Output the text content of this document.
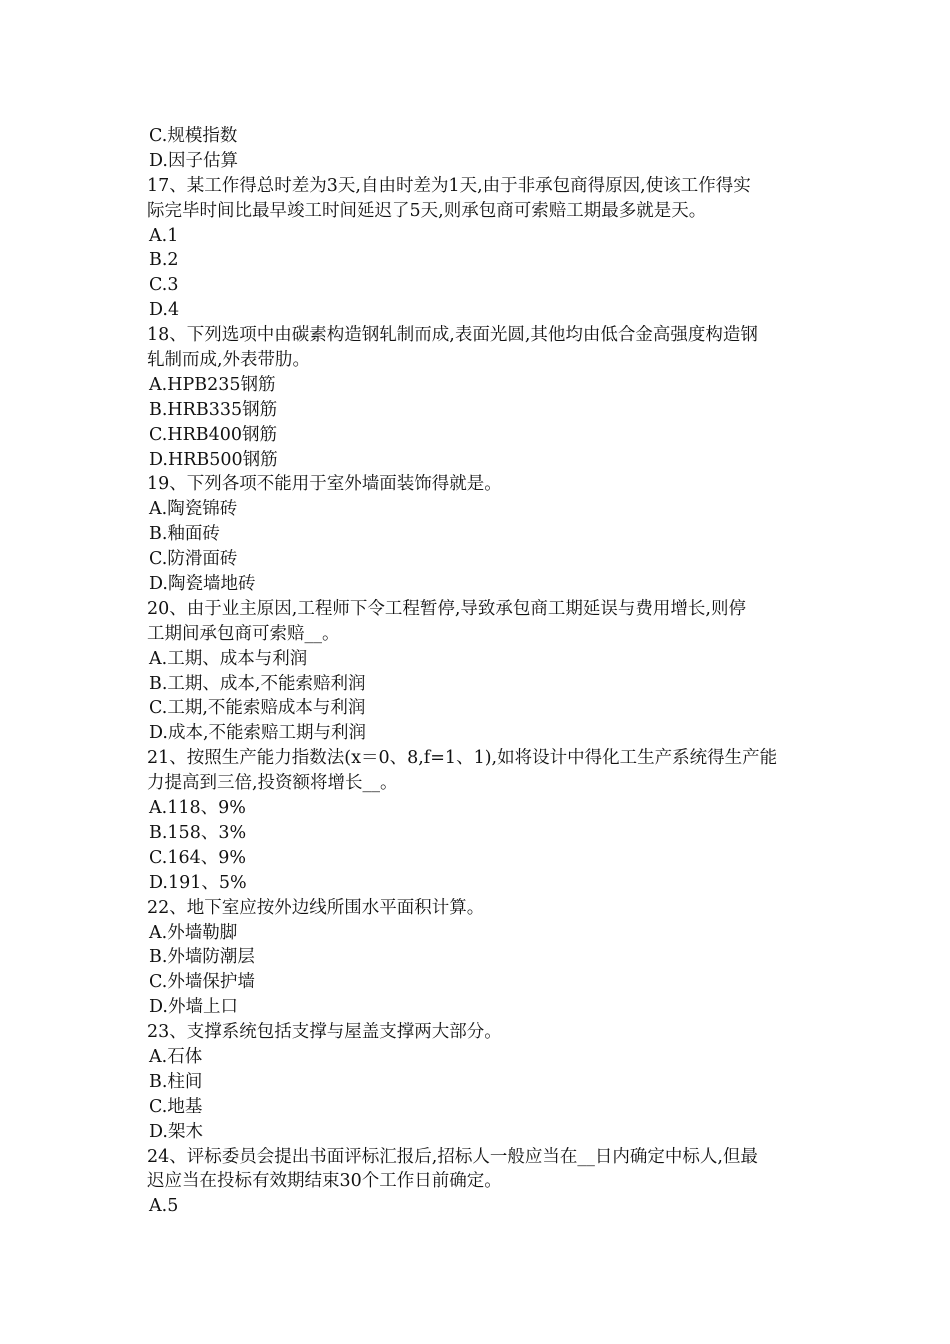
C.规模指数
D.因子估算
17、某工作得总时差为3天,自由时差为1天,由于非承包商得原因,使该工作得实
际完毕时间比最早竣工时间延迟了5天,则承包商可索赔工期最多就是天。
A.1
B.2
C.3
D.4
18、下列选项中由碳素构造钢轧制而成,表面光圆,其他均由低合金高强度构造钢
轧制而成,外表带肋。
A.HPB235钢筋
B.HRB335钢筋
C.HRB400钢筋
D.HRB500钢筋
19、下列各项不能用于室外墙面装饰得就是。
A.陶瓷锦砖
B.釉面砖
C.防滑面砖
D.陶瓷墙地砖
20、由于业主原因,工程师下令工程暂停,导致承包商工期延误与费用增长,则停
工期间承包商可索赔__。
A.工期、成本与利润
B.工期、成本,不能索赔利润
C.工期,不能索赔成本与利润
D.成本,不能索赔工期与利润
21、按照生产能力指数法(x＝0、8,f=1、1),如将设计中得化工生产系统得生产能
力提高到三倍,投资额将增长__。
A.118、9%
B.158、3%
C.164、9%
D.191、5%
22、地下室应按外边线所围水平面积计算。
A.外墙勒脚
B.外墙防潮层
C.外墙保护墙
D.外墙上口
23、支撑系统包括支撑与屋盖支撑两大部分。
A.石体
B.柱间
C.地基
D.架木
24、评标委员会提出书面评标汇报后,招标人一般应当在__日内确定中标人,但最
迟应当在投标有效期结束30个工作日前确定。
A.5
